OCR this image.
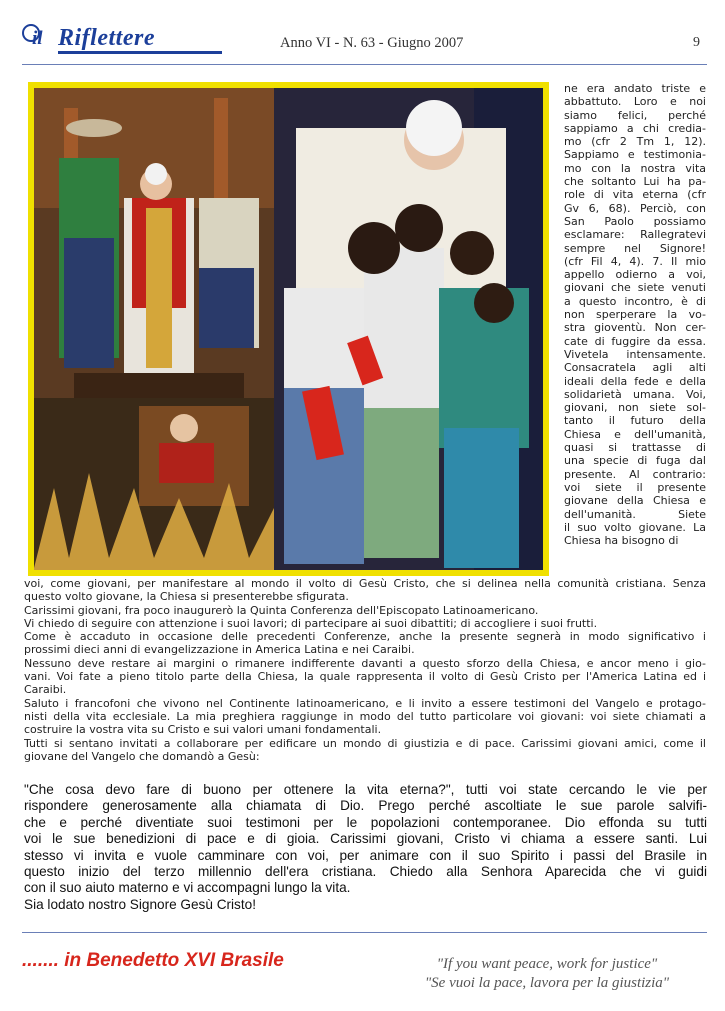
il Riflettere	Anno VI - N. 63 - Giugno 2007	9
ne era andato triste e
abbattuto. Loro e noi
siamo felici, perché
sappiamo a chi credia-
mo (cfr 2 Tm 1, 12).
Sappiamo e testimonia-
mo con la nostra vita
che soltanto Lui ha pa-
role di vita eterna (cfr
Gv 6, 68). Perciò, con
San Paolo possiamo
esclamare: Rallegratevi
sempre nel Signore!
(cfr Fil 4, 4). 7. Il mio
appello odierno a voi,
giovani che siete venuti
a questo incontro, è di
non sperperare la vo-
stra gioventù. Non cer-
cate di fuggire da essa.
Vivetela intensamente.
Consacratela agli alti
ideali della fede e della
solidarietà umana. Voi,
giovani, non siete sol-
tanto il futuro della
Chiesa e dell'umanità,
quasi si trattasse di
una specie di fuga dal
presente. Al contrario:
voi siete il presente
giovane della Chiesa e
dell'umanità. Siete
il suo volto giovane. La
Chiesa ha bisogno di
voi, come giovani, per manifestare al mondo il volto di Gesù Cristo, che si delinea nella comunità cristiana. Senza
questo volto giovane, la Chiesa si presenterebbe sfigurata.
Carissimi giovani, fra poco inaugurerò la Quinta Conferenza dell'Episcopato Latinoamericano.
Vi chiedo di seguire con attenzione i suoi lavori; di partecipare ai suoi dibattiti; di accogliere i suoi frutti.
Come è accaduto in occasione delle precedenti Conferenze, anche la presente segnerà in modo significativo i
prossimi dieci anni di evangelizzazione in America Latina e nei Caraibi.
Nessuno deve restare ai margini o rimanere indifferente davanti a questo sforzo della Chiesa, e ancor meno i gio-
vani. Voi fate a pieno titolo parte della Chiesa, la quale rappresenta il volto di Gesù Cristo per l'America Latina ed i
Caraibi.
Saluto i francofoni che vivono nel Continente latinoamericano, e li invito a essere testimoni del Vangelo e protago-
nisti della vita ecclesiale. La mia preghiera raggiunge in modo del tutto particolare voi giovani: voi siete chiamati a
costruire la vostra vita su Cristo e sui valori umani fondamentali.
Tutti si sentano invitati a collaborare per edificare un mondo di giustizia e di pace. Carissimi giovani amici, come il
giovane del Vangelo che domandò a Gesù:
"Che cosa devo fare di buono per ottenere la vita eterna?", tutti voi state cercando le vie per
rispondere generosamente alla chiamata di Dio. Prego perché ascoltiate le sue parole salvifi-
che e perché diventiate suoi testimoni per le popolazioni contemporanee. Dio effonda su tutti
voi le sue benedizioni di pace e di gioia. Carissimi giovani, Cristo vi chiama a essere santi. Lui
stesso vi invita e vuole camminare con voi, per animare con il suo Spirito i passi del Brasile in
questo inizio del terzo millennio dell'era cristiana. Chiedo alla Senhora Aparecida che vi guidi
con il suo aiuto materno e vi accompagni lungo la vita.
Sia lodato nostro Signore Gesù Cristo!
....... in Benedetto XVI Brasile	"If you want peace, work for justice"
"Se vuoi la pace, lavora per la giustizia"
